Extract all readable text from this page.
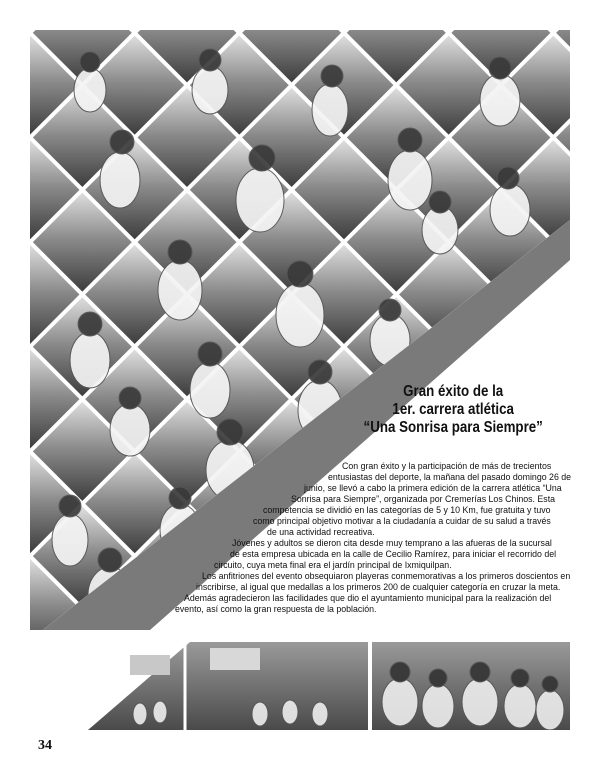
Gran éxito de la
1er. carrera atlética
“Una Sonrisa para Siempre”
Con gran éxito y la participación de más de trecientos
entusiastas del deporte, la mañana del pasado domingo 26 de
junio, se llevó a cabo la primera edición de la carrera atlética “Una
Sonrisa para Siempre”, organizada por Cremerías Los Chinos. Esta
competencia se dividió en las categorías de 5 y 10 Km, fue gratuita y tuvo
como principal objetivo motivar a la ciudadanía a cuidar de su salud a través
de una actividad recreativa.
Jóvenes y adultos se dieron cita desde muy temprano a las afueras de la sucursal
de esta empresa ubicada en la calle de Cecilio Ramírez, para iniciar el recorrido del
circuito, cuya meta final era el jardín principal de Ixmiquilpan.
Los anfitriones del evento obsequiaron playeras conmemorativas a los primeros doscientos en
inscribirse, al igual que medallas a los primeros 200 de cualquier categoría en cruzar la meta.
Además agradecieron las facilidades que dio el ayuntamiento municipal para la realización del
evento, así como la gran respuesta de la población.
34
